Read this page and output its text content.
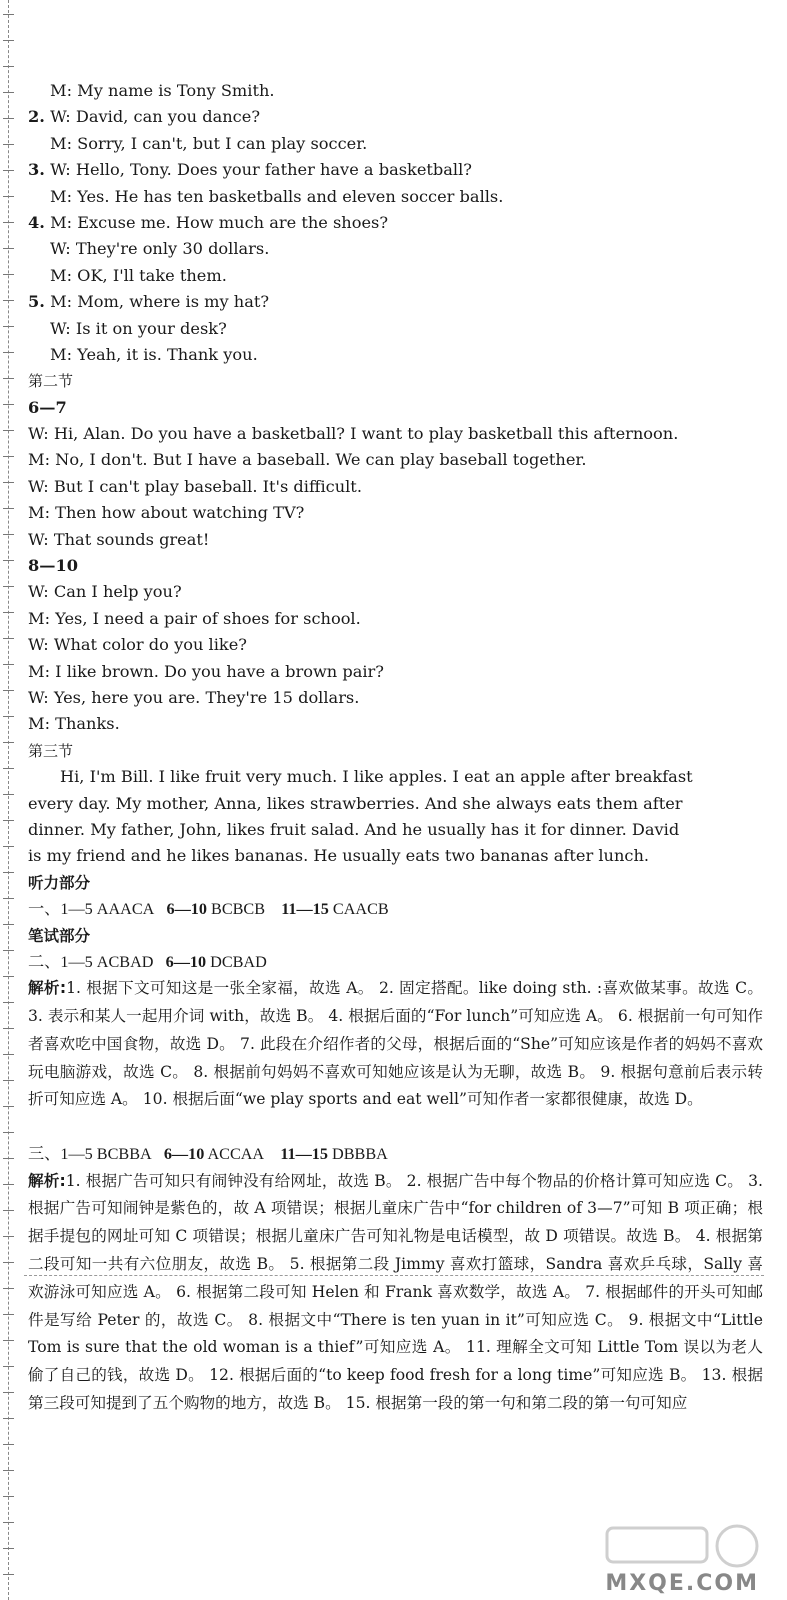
M: My name is Tony Smith.
2. W: David, can you dance?
M: Sorry, I can't, but I can play soccer.
3. W: Hello, Tony. Does your father have a basketball?
M: Yes. He has ten basketballs and eleven soccer balls.
4. M: Excuse me. How much are the shoes?
W: They're only 30 dollars.
M: OK, I'll take them.
5. M: Mom, where is my hat?
W: Is it on your desk?
M: Yeah, it is. Thank you.
第二节
6—7
W: Hi, Alan. Do you have a basketball? I want to play basketball this afternoon.
M: No, I don't. But I have a baseball. We can play baseball together.
W: But I can't play baseball. It's difficult.
M: Then how about watching TV?
W: That sounds great!
8—10
W: Can I help you?
M: Yes, I need a pair of shoes for school.
W: What color do you like?
M: I like brown. Do you have a brown pair?
W: Yes, here you are. They're 15 dollars.
M: Thanks.
第三节
Hi, I'm Bill. I like fruit very much. I like apples. I eat an apple after breakfast
every day. My mother, Anna, likes strawberries. And she always eats them after
dinner. My father, John, likes fruit salad. And he usually has it for dinner. David
is my friend and he likes bananas. He usually eats two bananas after lunch.
听力部分
一、1—5 AAACA 6—10 BCBCB 11—15 CAACB
笔试部分
二、1—5 ACBAD 6—10 DCBAD
解析:1. 根据下文可知这是一张全家福，故选 A。 2. 固定搭配。like doing sth. :喜欢做某事。故选 C。 3. 表示和某人一起用介词 with，故选 B。 4. 根据后面的“For lunch”可知应选 A。 6. 根据前一句可知作者喜欢吃中国食物，故选 D。 7. 此段在介绍作者的父母，根据后面的“She”可知应该是作者的妈妈不喜欢玩电脑游戏，故选 C。 8. 根据前句妈妈不喜欢可知她应该是认为无聊，故选 B。 9. 根据句意前后表示转折可知应选 A。 10. 根据后面“we play sports and eat well”可知作者一家都很健康，故选 D。
三、1—5 BCBBA 6—10 ACCAA 11—15 DBBBA
解析:1. 根据广告可知只有闹钟没有给网址，故选 B。 2. 根据广告中每个物品的价格计算可知应选 C。 3. 根据广告可知闹钟是紫色的，故 A 项错误；根据儿童床广告中“for children of 3—7”可知 B 项正确；根据手提包的网址可知 C 项错误；根据儿童床广告可知礼物是电话模型，故 D 项错误。故选 B。 4. 根据第二段可知一共有六位朋友，故选 B。 5. 根据第二段 Jimmy 喜欢打篮球，Sandra 喜欢乒乓球，Sally 喜欢游泳可知应选 A。 6. 根据第二段可知 Helen 和 Frank 喜欢数学，故选 A。 7. 根据邮件的开头可知邮件是写给 Peter 的，故选 C。 8. 根据文中“There is ten yuan in it”可知应选 C。 9. 根据文中“Little Tom is sure that the old woman is a thief”可知应选 A。 11. 理解全文可知 Little Tom 误以为老人偷了自己的钱，故选 D。 12. 根据后面的“to keep food fresh for a long time”可知应选 B。 13. 根据第三段可知提到了五个购物的地方，故选 B。 15. 根据第一段的第一句和第二段的第一句可知应
MXQE.COM
